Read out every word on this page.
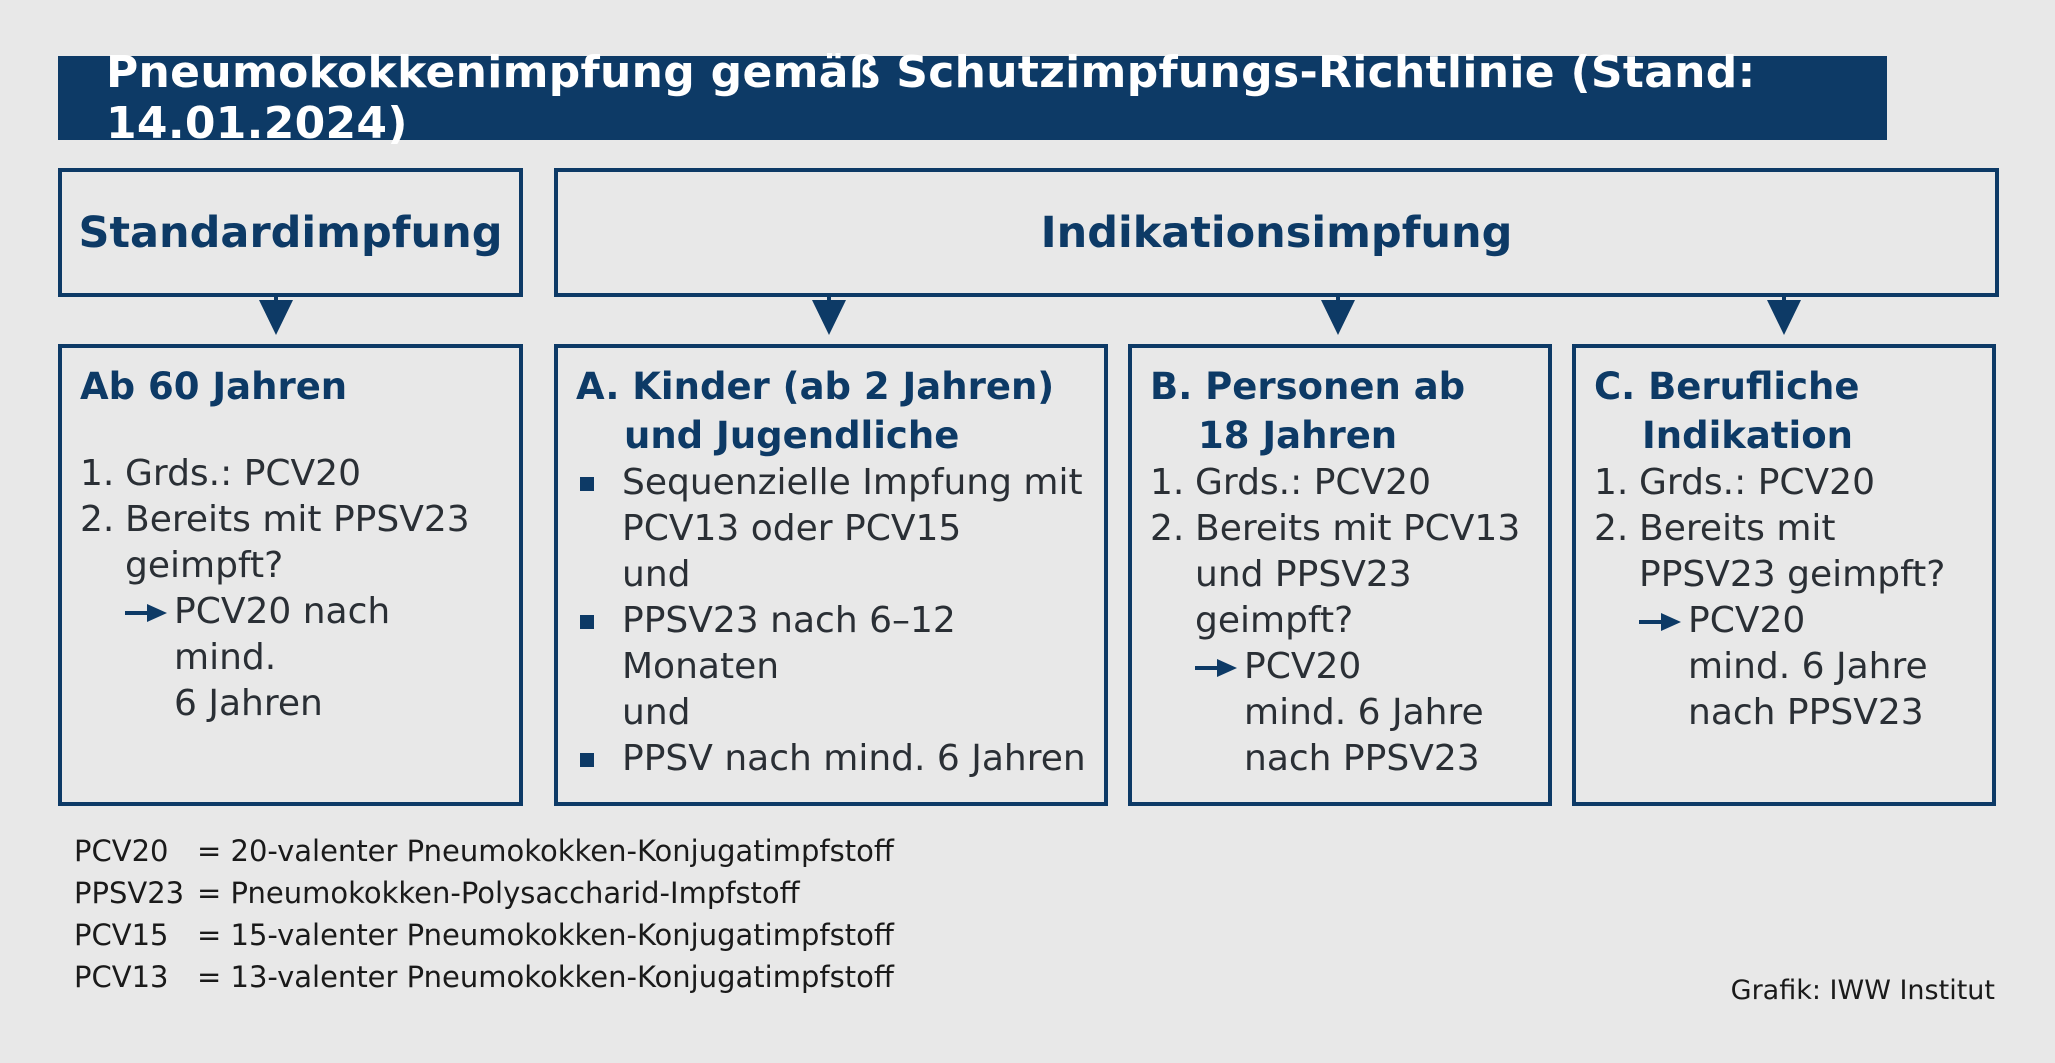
Pneumokokkenimpfung gemäß Schutzimpfungs-Richtlinie (Stand: 14.01.2024)
Standardimpfung	Indikationsimpfung
Ab 60 Jahren
1. Grds.: PCV20
2. Bereits mit PPSV23
geimpft?
PCV20 nach mind.
6 Jahren
A. Kinder (ab 2 Jahren)
und Jugendliche
Sequenzielle Impfung mit
PCV13 oder PCV15
und
PPSV23 nach 6–12
Monaten
und
PPSV nach mind. 6 Jahren
B. Personen ab
18 Jahren
1. Grds.: PCV20
2. Bereits mit PCV13
und PPSV23
geimpft?
PCV20
mind. 6 Jahre
nach PPSV23
C. Berufliche
Indikation
1. Grds.: PCV20
2. Bereits mit
PPSV23 geimpft?
PCV20
mind. 6 Jahre
nach PPSV23
PCV20 = 20-valenter Pneumokokken-Konjugatimpfstoff
PPSV23 = Pneumokokken-Polysaccharid-Impfstoff
PCV15 = 15-valenter Pneumokokken-Konjugatimpfstoff
PCV13 = 13-valenter Pneumokokken-Konjugatimpfstoff	Grafik: IWW Institut
